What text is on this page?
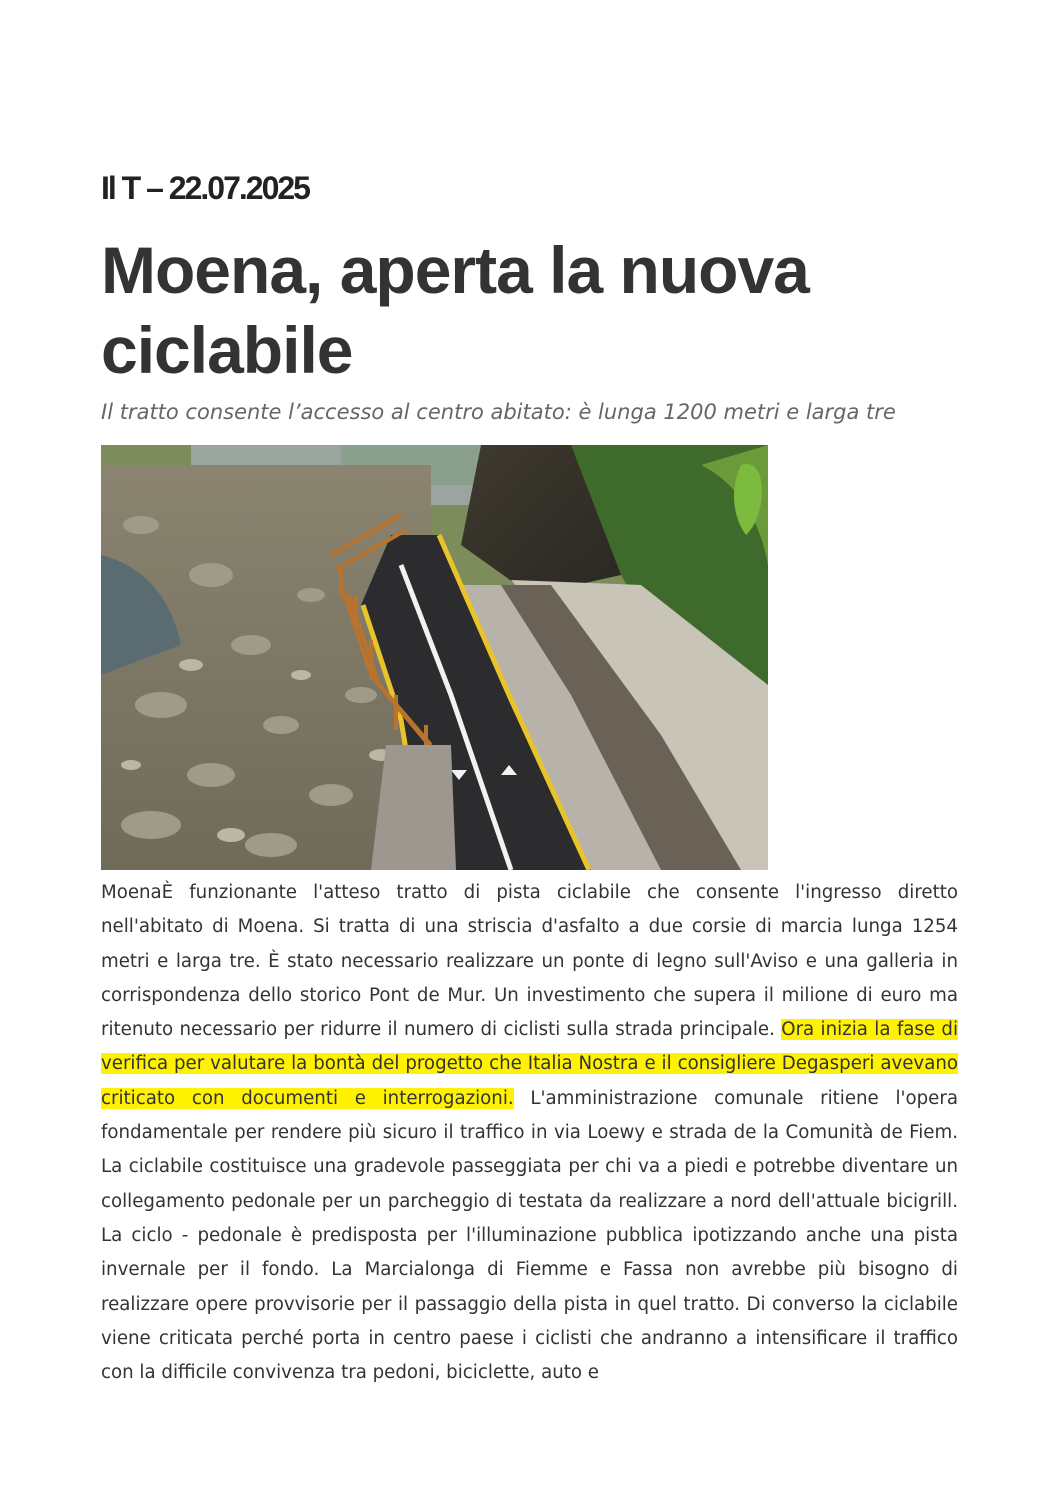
Il T – 22.07.2025
Moena, aperta la nuova ciclabile
Il tratto consente l’accesso al centro abitato: è lunga 1200 metri e larga tre

MoenaÈ funzionante l'atteso tratto di pista ciclabile che consente l'ingresso diretto nell'abitato di Moena. Si tratta di una striscia d'asfalto a due corsie di marcia lunga 1254 metri e larga tre. È stato necessario realizzare un ponte di legno sull'Aviso e una galleria in corrispondenza dello storico Pont de Mur. Un investimento che supera il milione di euro ma ritenuto necessario per ridurre il numero di ciclisti sulla strada principale. Ora inizia la fase di verifica per valutare la bontà del progetto che Italia Nostra e il consigliere Degasperi avevano criticato con documenti e interrogazioni. L'amministrazione comunale ritiene l'opera fondamentale per rendere più sicuro il traffico in via Loewy e strada de la Comunità de Fiem. La ciclabile costituisce una gradevole passeggiata per chi va a piedi e potrebbe diventare un collegamento pedonale per un parcheggio di testata da realizzare a nord dell'attuale bicigrill. La ciclo - pedonale è predisposta per l'illuminazione pubblica ipotizzando anche una pista invernale per il fondo. La Marcialonga di Fiemme e Fassa non avrebbe più bisogno di realizzare opere provvisorie per il passaggio della pista in quel tratto. Di converso la ciclabile viene criticata perché porta in centro paese i ciclisti che andranno a intensificare il traffico con la difficile convivenza tra pedoni, biciclette, auto e
